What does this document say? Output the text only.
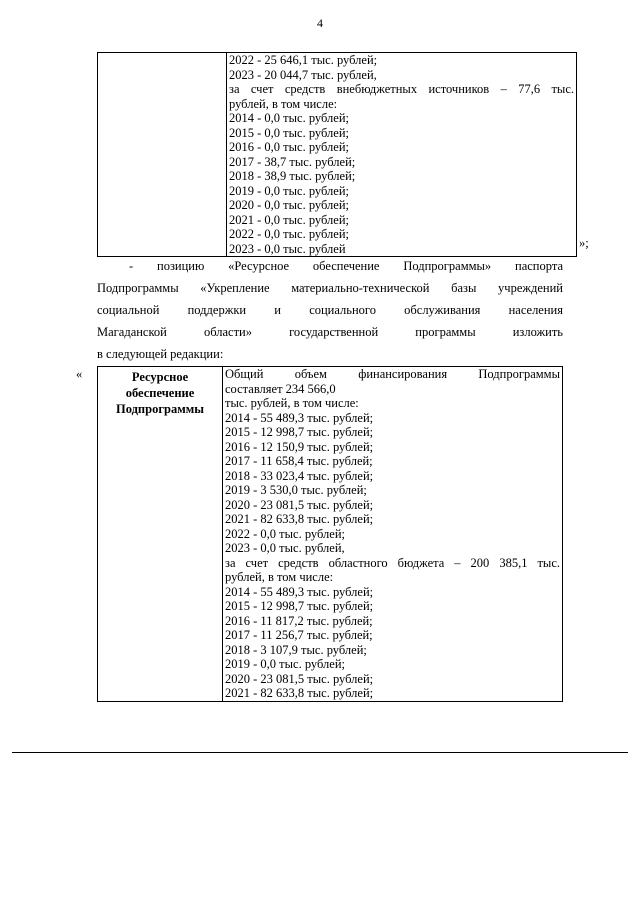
4

2022 - 25 646,1 тыс. рублей;
2023 - 20 044,7 тыс. рублей,
за счет средств внебюджетных источников – 77,6 тыс.
рублей, в том числе:
2014 - 0,0 тыс. рублей;
2015 - 0,0 тыс. рублей;
2016 - 0,0 тыс. рублей;
2017 - 38,7 тыс. рублей;
2018 - 38,9 тыс. рублей;
2019 - 0,0 тыс. рублей;
2020 - 0,0 тыс. рублей;
2021 - 0,0 тыс. рублей;
2022 - 0,0 тыс. рублей;
2023 - 0,0 тыс. рублей	»;
- позицию «Ресурсное обеспечение Подпрограммы» паспорта
Подпрограммы «Укрепление материально-технической базы учреждений
социальной поддержки и социального обслуживания населения
Магаданской области» государственной программы изложить
в следующей редакции:
«	Ресурсное
обеспечение
Подпрограммы

Общий объем финансирования Подпрограммы
составляет 234 566,0
тыс. рублей, в том числе:
2014 - 55 489,3 тыс. рублей;
2015 - 12 998,7 тыс. рублей;
2016 - 12 150,9 тыс. рублей;
2017 - 11 658,4 тыс. рублей;
2018 - 33 023,4 тыс. рублей;
2019 - 3 530,0 тыс. рублей;
2020 - 23 081,5 тыс. рублей;
2021 - 82 633,8 тыс. рублей;
2022 - 0,0 тыс. рублей;
2023 - 0,0 тыс. рублей,
за счет средств областного бюджета – 200 385,1 тыс.
рублей, в том числе:
2014 - 55 489,3 тыс. рублей;
2015 - 12 998,7 тыс. рублей;
2016 - 11 817,2 тыс. рублей;
2017 - 11 256,7 тыс. рублей;
2018 - 3 107,9 тыс. рублей;
2019 - 0,0 тыс. рублей;
2020 - 23 081,5 тыс. рублей;
2021 - 82 633,8 тыс. рублей;
